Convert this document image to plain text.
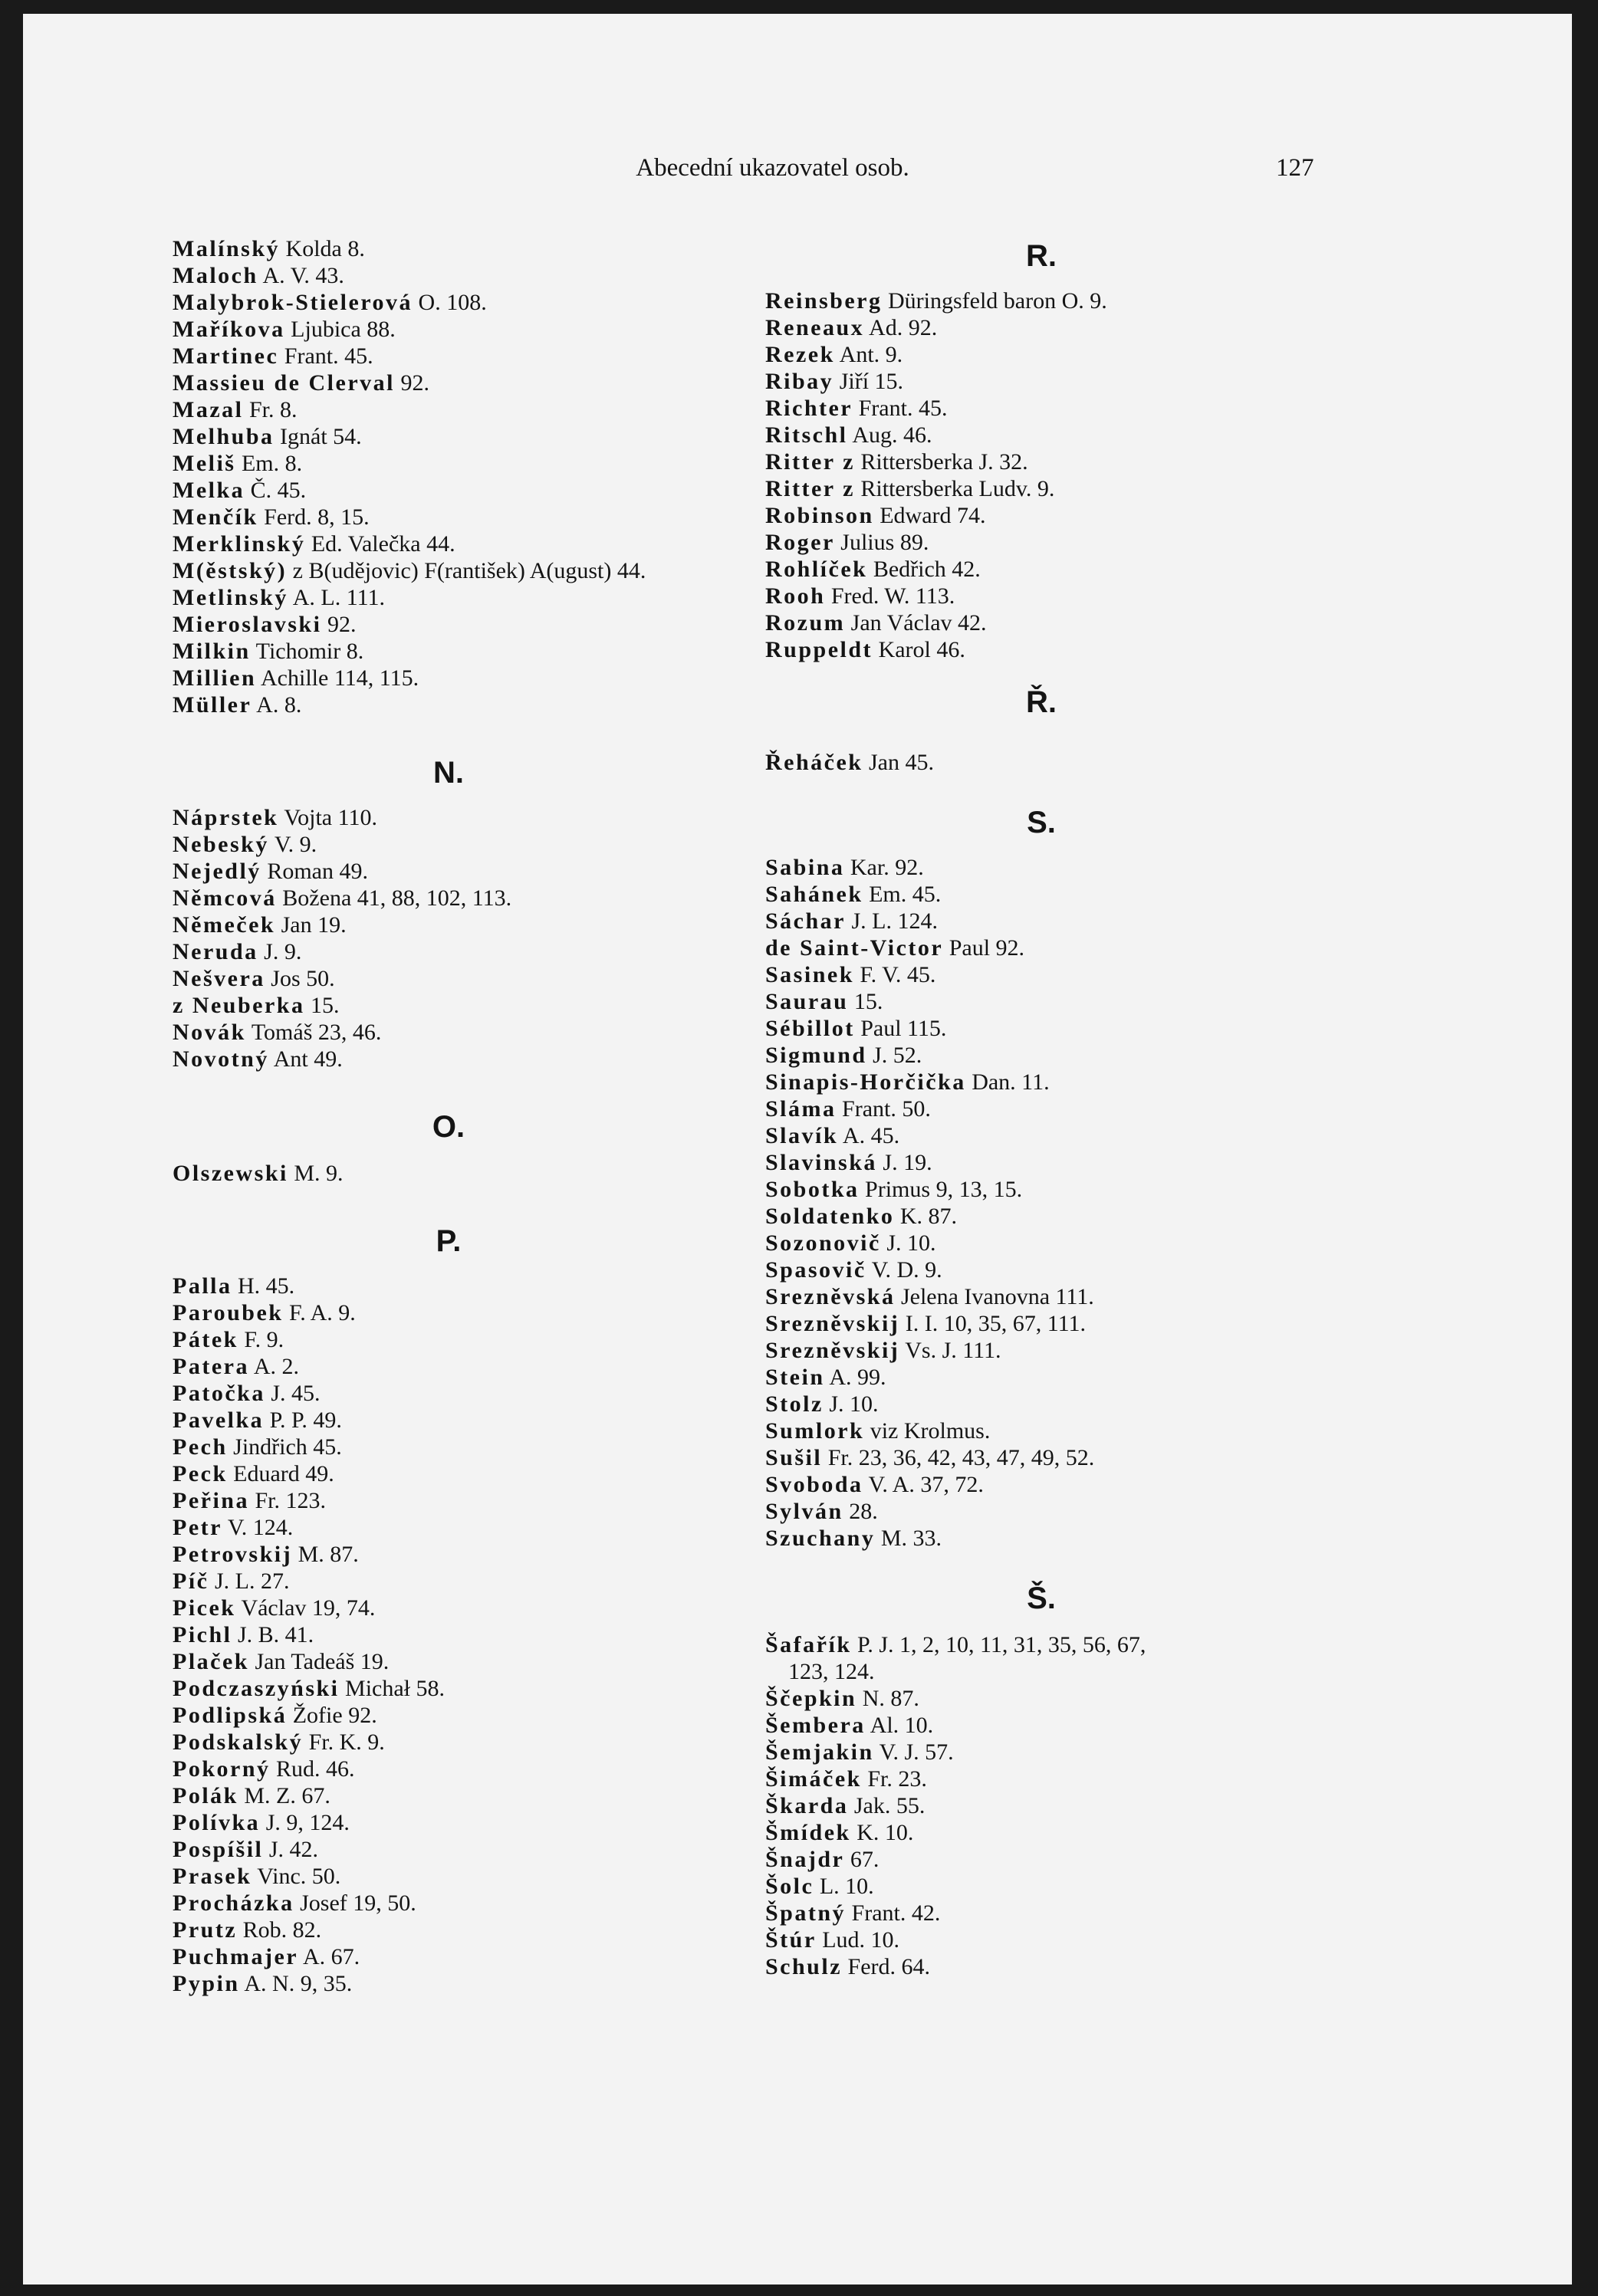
Abecední ukazovatel osob.	127
Malínský Kolda 8.
Maloch A. V. 43.
Malybrok-Stielerová O. 108.
Maříkova Ljubica 88.
Martinec Frant. 45.
Massieu de Clerval 92.
Mazal Fr. 8.
Melhuba Ignát 54.
Meliš Em. 8.
Melka Č. 45.
Menčík Ferd. 8, 15.
Merklinský Ed. Valečka 44.
M(ěstský) z B(udějovic) F(rantišek) A(ugust) 44.
Metlinský A. L. 111.
Mieroslavski 92.
Milkin Tichomir 8.
Millien Achille 114, 115.
Müller A. 8.
N.
Náprstek Vojta 110.
Nebeský V. 9.
Nejedlý Roman 49.
Němcová Božena 41, 88, 102, 113.
Němeček Jan 19.
Neruda J. 9.
Nešvera Jos 50.
z Neuberka 15.
Novák Tomáš 23, 46.
Novotný Ant 49.
O.
Olszewski M. 9.
P.
Palla H. 45.
Paroubek F. A. 9.
Pátek F. 9.
Patera A. 2.
Patočka J. 45.
Pavelka P. P. 49.
Pech Jindřich 45.
Peck Eduard 49.
Peřina Fr. 123.
Petr V. 124.
Petrovskij M. 87.
Píč J. L. 27.
Picek Václav 19, 74.
Pichl J. B. 41.
Plaček Jan Tadeáš 19.
Podczaszyński Michał 58.
Podlipská Žofie 92.
Podskalský Fr. K. 9.
Pokorný Rud. 46.
Polák M. Z. 67.
Polívka J. 9, 124.
Pospíšil J. 42.
Prasek Vinc. 50.
Procházka Josef 19, 50.
Prutz Rob. 82.
Puchmajer A. 67.
Pypin A. N. 9, 35.
R.
Reinsberg Düringsfeld baron O. 9.
Reneaux Ad. 92.
Rezek Ant. 9.
Ribay Jiří 15.
Richter Frant. 45.
Ritschl Aug. 46.
Ritter z Rittersberka J. 32.
Ritter z Rittersberka Ludv. 9.
Robinson Edward 74.
Roger Julius 89.
Rohlíček Bedřich 42.
Rooh Fred. W. 113.
Rozum Jan Václav 42.
Ruppeldt Karol 46.
Ř.
Řeháček Jan 45.
S.
Sabina Kar. 92.
Sahánek Em. 45.
Sáchar J. L. 124.
de Saint-Victor Paul 92.
Sasinek F. V. 45.
Saurau 15.
Sébillot Paul 115.
Sigmund J. 52.
Sinapis-Horčička Dan. 11.
Sláma Frant. 50.
Slavík A. 45.
Slavinská J. 19.
Sobotka Primus 9, 13, 15.
Soldatenko K. 87.
Sozonovič J. 10.
Spasovič V. D. 9.
Srezněvská Jelena Ivanovna 111.
Srezněvskij I. I. 10, 35, 67, 111.
Srezněvskij Vs. J. 111.
Stein A. 99.
Stolz J. 10.
Sumlork viz Krolmus.
Sušil Fr. 23, 36, 42, 43, 47, 49, 52.
Svoboda V. A. 37, 72.
Sylván 28.
Szuchany M. 33.
Š.
Šafařík P. J. 1, 2, 10, 11, 31, 35, 56, 67,
123, 124.
Ščepkin N. 87.
Šembera Al. 10.
Šemjakin V. J. 57.
Šimáček Fr. 23.
Škarda Jak. 55.
Šmídek K. 10.
Šnajdr 67.
Šolc L. 10.
Špatný Frant. 42.
Štúr Lud. 10.
Schulz Ferd. 64.
